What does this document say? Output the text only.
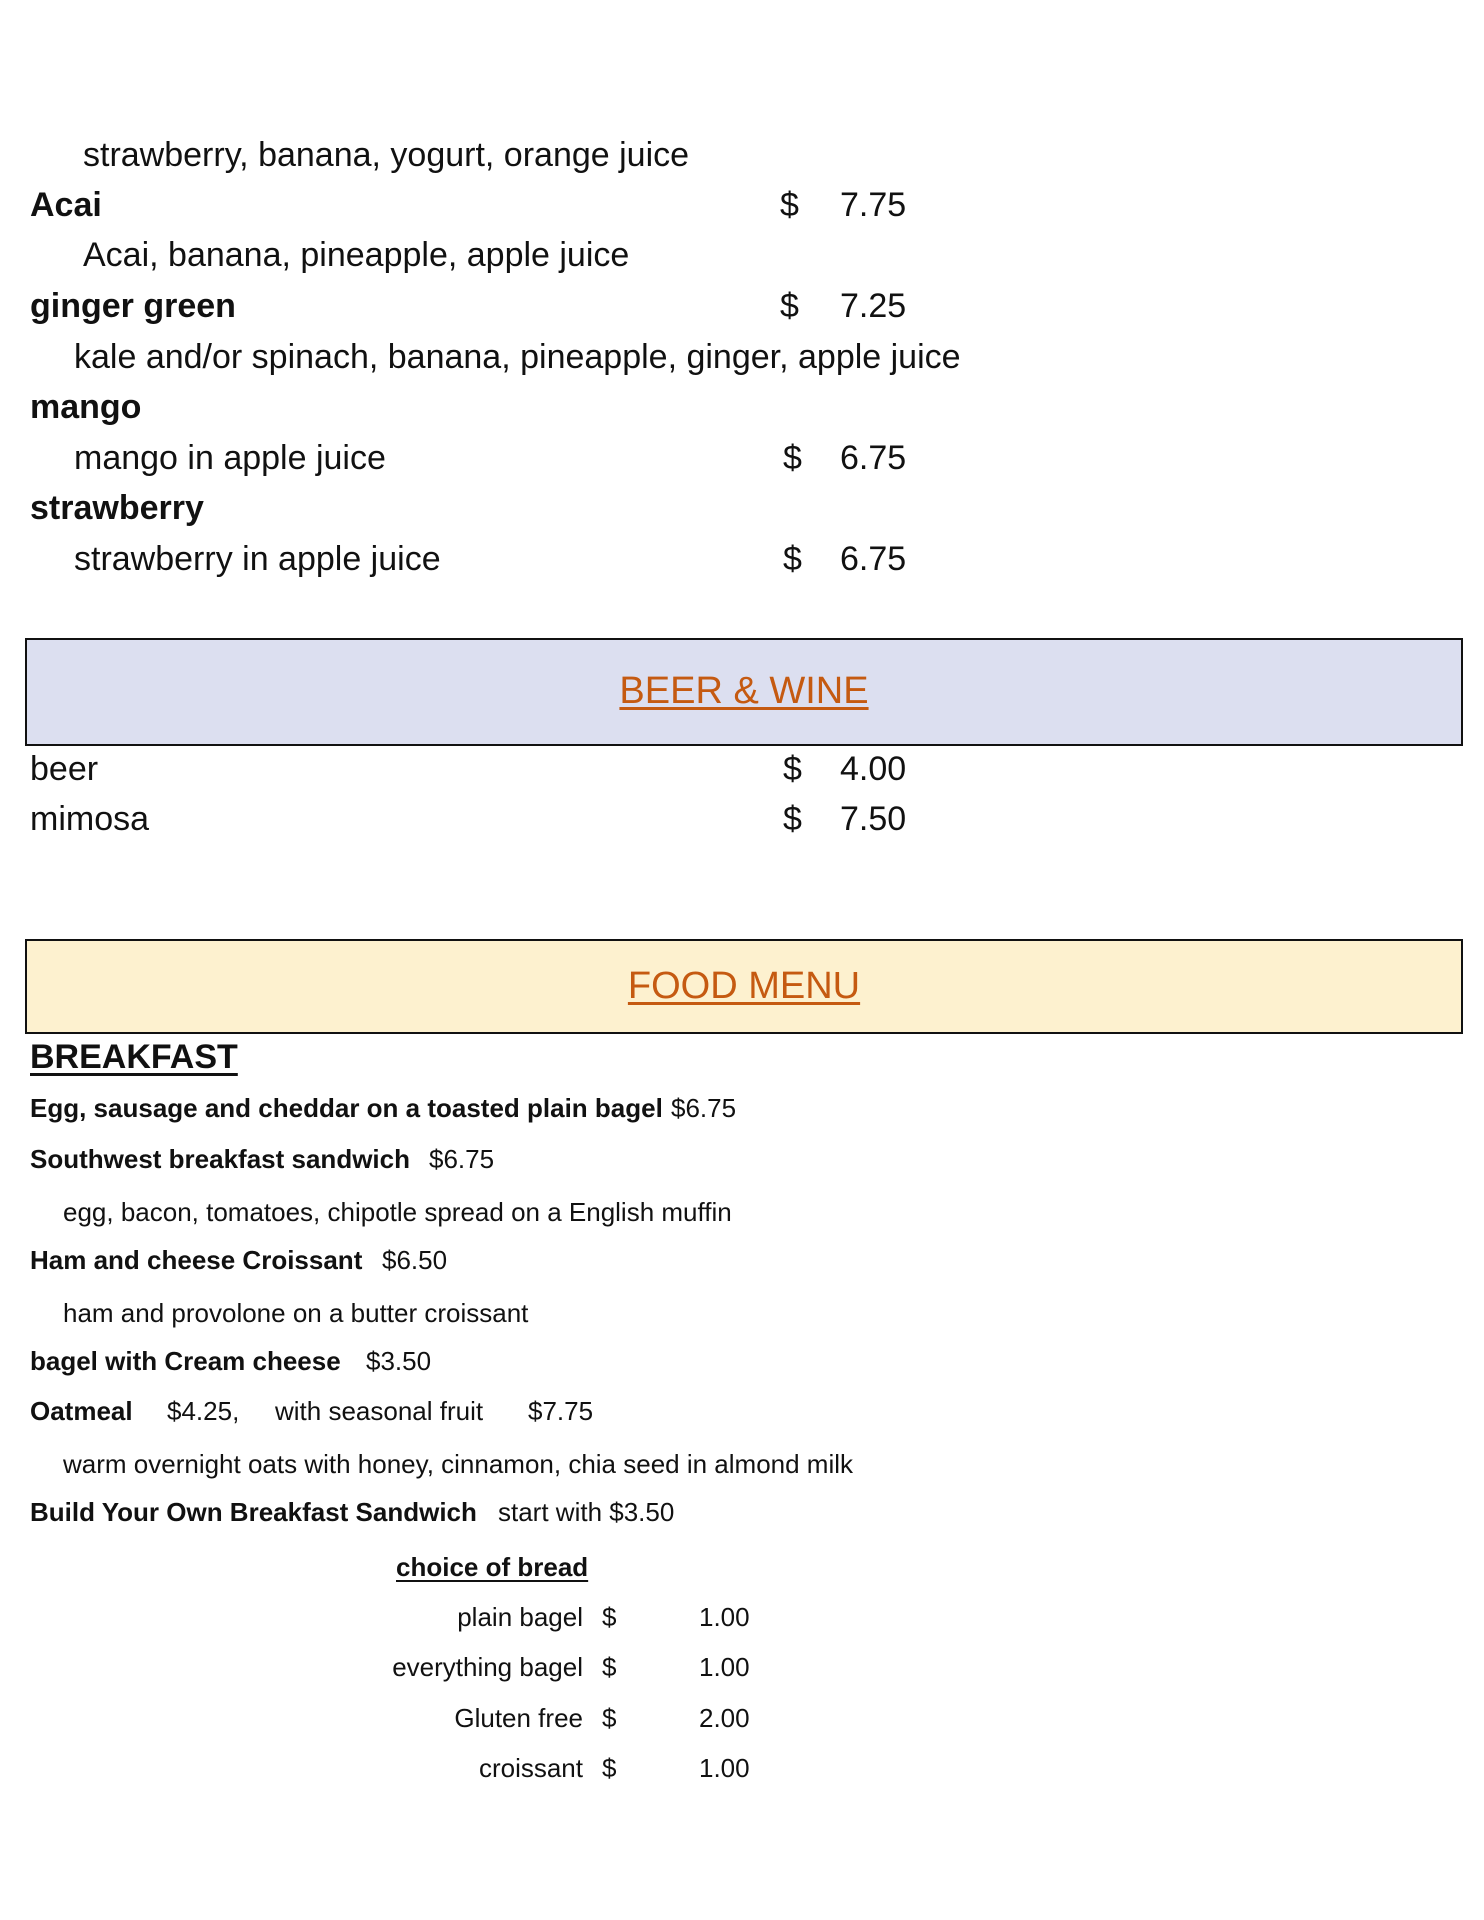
strawberry, banana, yogurt, orange juice
Acai	$ 7.75
Acai, banana, pineapple, apple juice
ginger green	$ 7.25
kale and/or spinach, banana, pineapple, ginger, apple juice
mango
mango in apple juice	$ 6.75
strawberry
strawberry in apple juice	$ 6.75
BEER & WINE
beer	$ 4.00
mimosa	$ 7.50
FOOD MENU
BREAKFAST
Egg, sausage and cheddar on a toasted plain bagel $6.75
Southwest breakfast sandwich $6.75
egg, bacon, tomatoes, chipotle spread on a English muffin
Ham and cheese Croissant $6.50
ham and provolone on a butter croissant
bagel with Cream cheese $3.50
Oatmeal $4.25, with seasonal fruit $7.75
warm overnight oats with honey, cinnamon, chia seed in almond milk
Build Your Own Breakfast Sandwich start with $3.50
choice of bread
plain bagel $	1.00
everything bagel $	1.00
Gluten free $	2.00
croissant $	1.00
